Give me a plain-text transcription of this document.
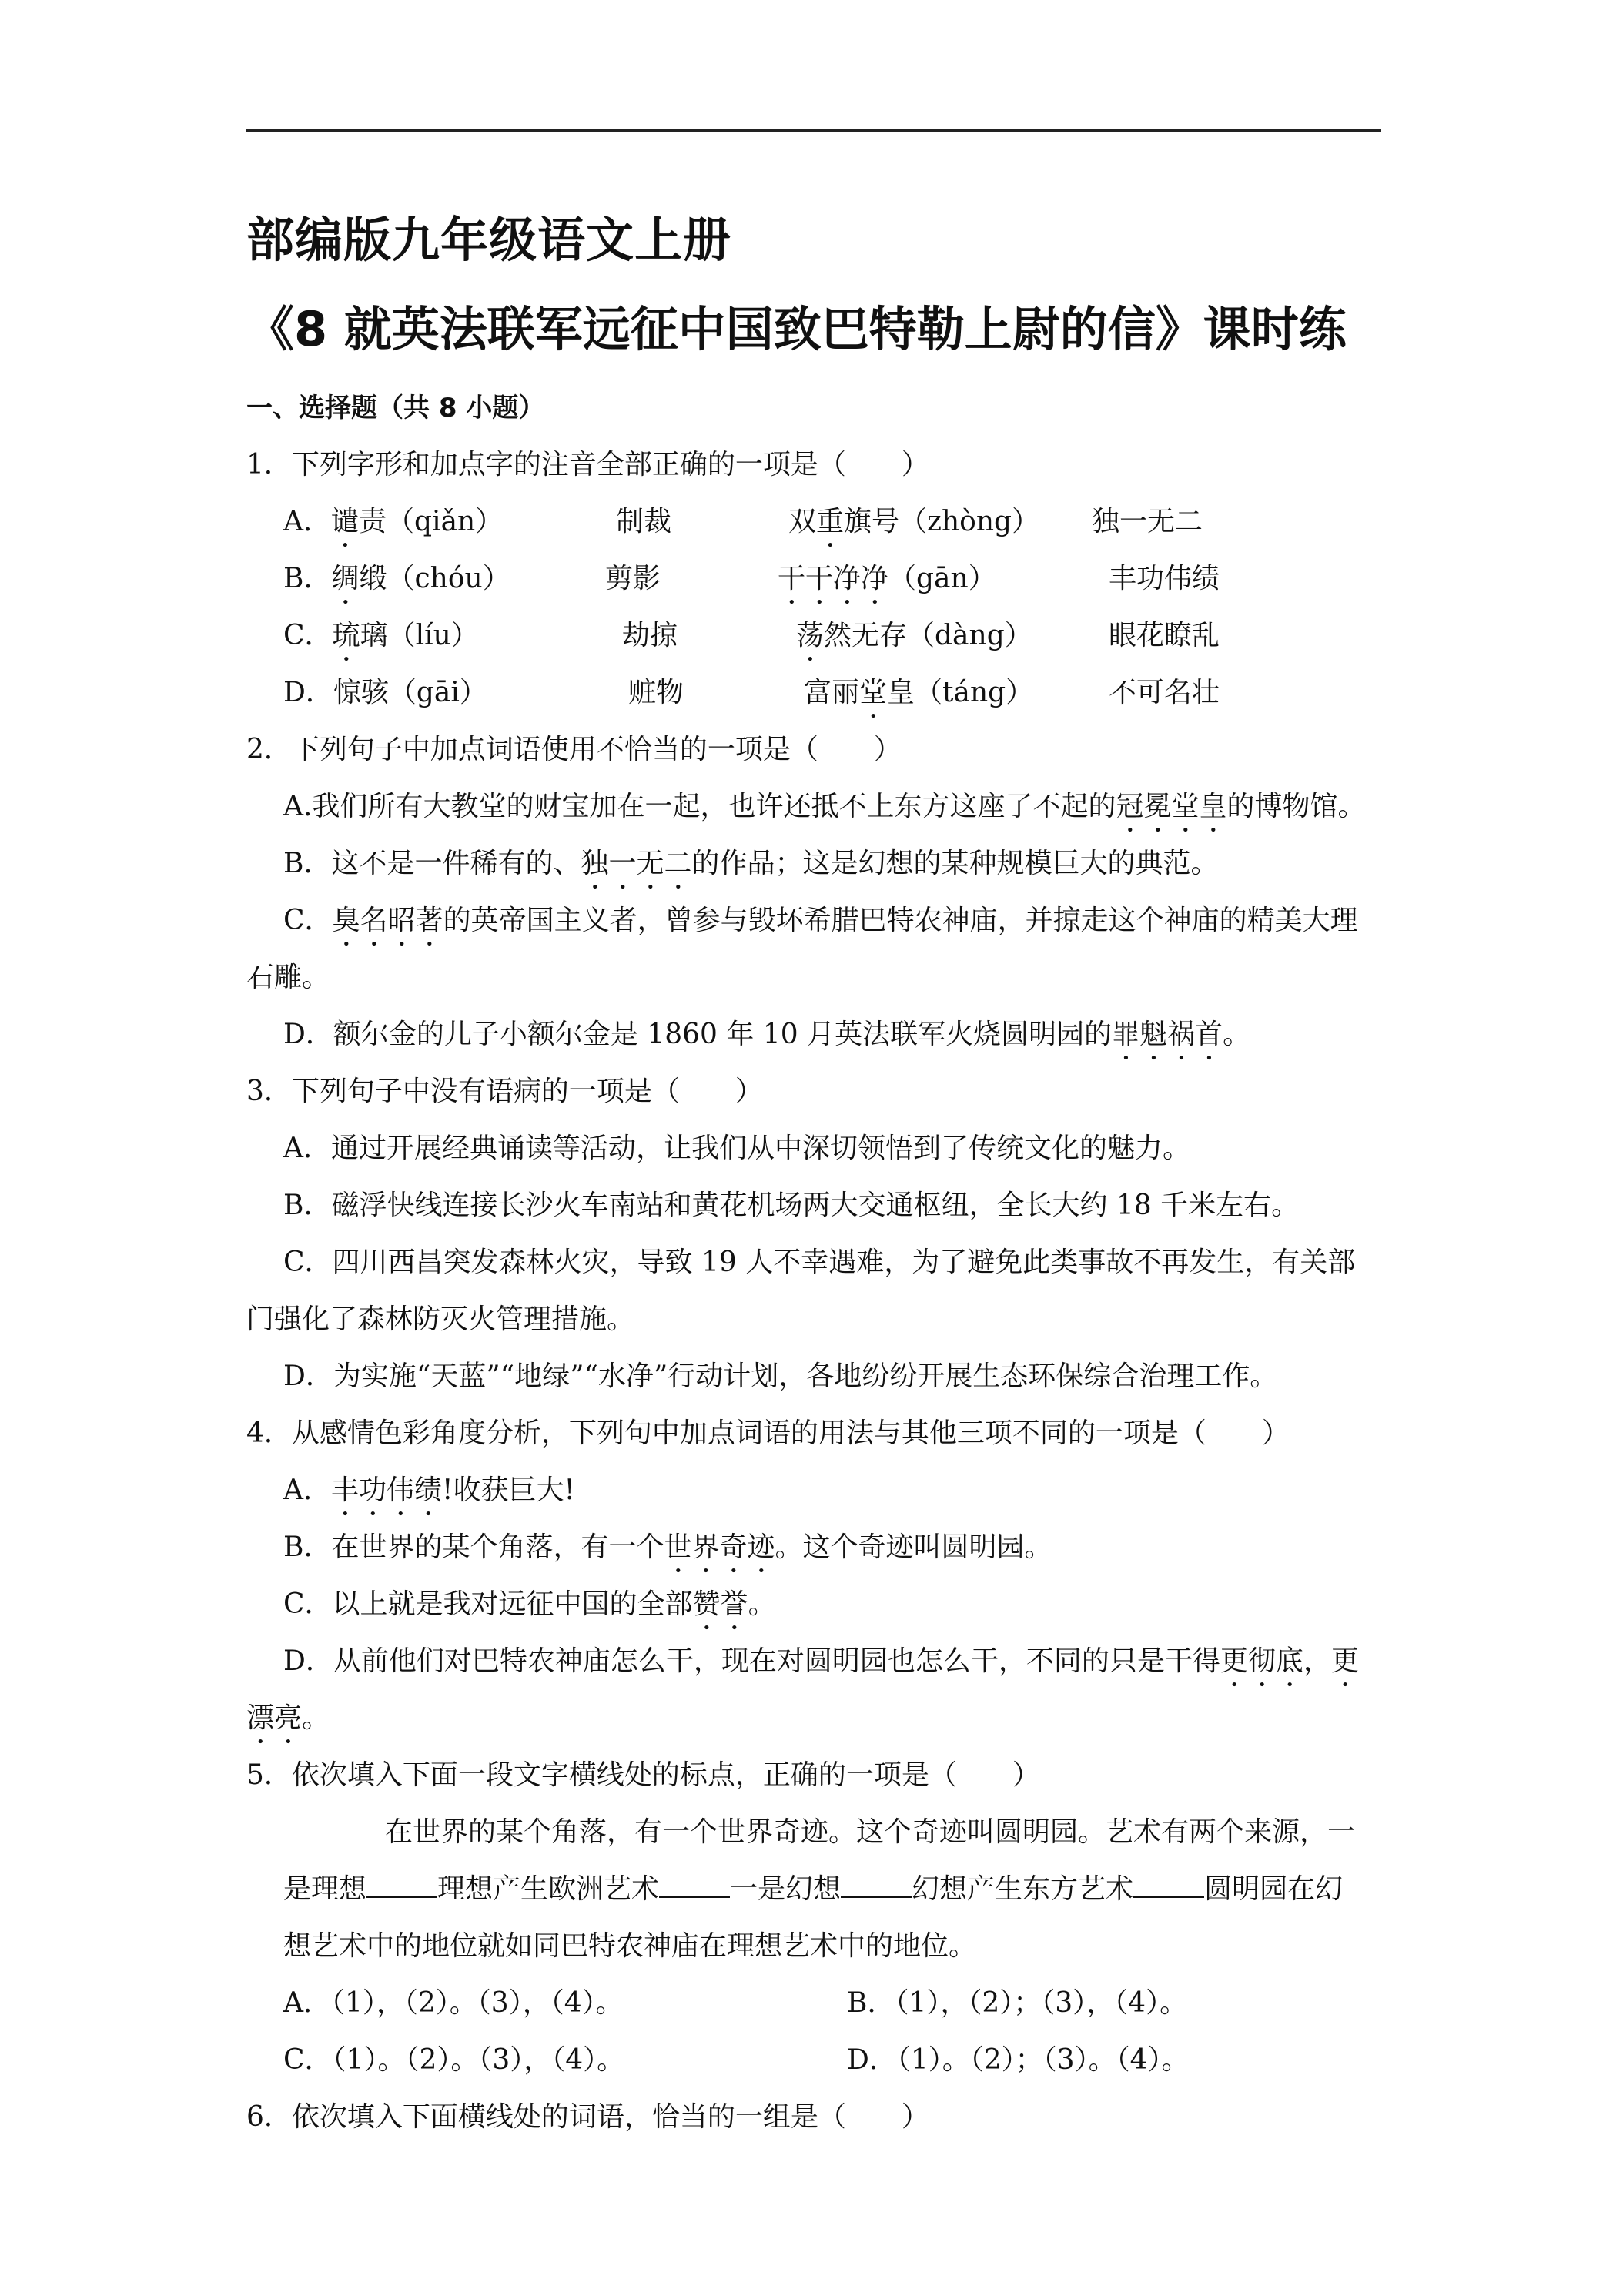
部编版九年级语文上册
《8 就英法联军远征中国致巴特勒上尉的信》课时练
一、选择题（共 8 小题）
1．下列字形和加点字的注音全部正确的一项是（　　）
A．谴责（qiǎn）	制裁	双重旗号（zhòng） 独一无二
B．绸缎（chóu）	剪影	干干净净（gān）	丰功伟绩
C．琉璃（líu）	劫掠	荡然无存（dàng）	眼花瞭乱
D．惊骇（gāi）	赃物	富丽堂皇（táng）	不可名壮
2．下列句子中加点词语使用不恰当的一项是（　　）
A.我们所有大教堂的财宝加在一起，也许还抵不上东方这座了不起的冠冕堂皇的博物馆。
B．这不是一件稀有的、独一无二的作品；这是幻想的某种规模巨大的典范。
C．臭名昭著的英帝国主义者，曾参与毁坏希腊巴特农神庙，并掠走这个神庙的精美大理
石雕。
D．额尔金的儿子小额尔金是 1860 年 10 月英法联军火烧圆明园的罪魁祸首。
3．下列句子中没有语病的一项是（　　）
A．通过开展经典诵读等活动，让我们从中深切领悟到了传统文化的魅力。
B．磁浮快线连接长沙火车南站和黄花机场两大交通枢纽，全长大约 18 千米左右。
C．四川西昌突发森林火灾，导致 19 人不幸遇难，为了避免此类事故不再发生，有关部
门强化了森林防灭火管理措施。
D．为实施“天蓝”“地绿”“水净”行动计划，各地纷纷开展生态环保综合治理工作。
4．从感情色彩角度分析，下列句中加点词语的用法与其他三项不同的一项是（　　）
A．丰功伟绩!收获巨大!
B．在世界的某个角落，有一个世界奇迹。这个奇迹叫圆明园。
C．以上就是我对远征中国的全部赞誉。
D．从前他们对巴特农神庙怎么干，现在对圆明园也怎么干，不同的只是干得更彻底，更
漂亮。
5．依次填入下面一段文字横线处的标点，正确的一项是（　　）
在世界的某个角落，有一个世界奇迹。这个奇迹叫圆明园。艺术有两个来源，一
是理想	理想产生欧洲艺术	一是幻想	幻想产生东方艺术	圆明园在幻
想艺术中的地位就如同巴特农神庙在理想艺术中的地位。
A．（1），（2）。（3），（4）。	B．（1），（2）；（3），（4）。
C．（1）。（2）。（3），（4）。	D．（1）。（2）；（3）。（4）。
6．依次填入下面横线处的词语，恰当的一组是（　　）
